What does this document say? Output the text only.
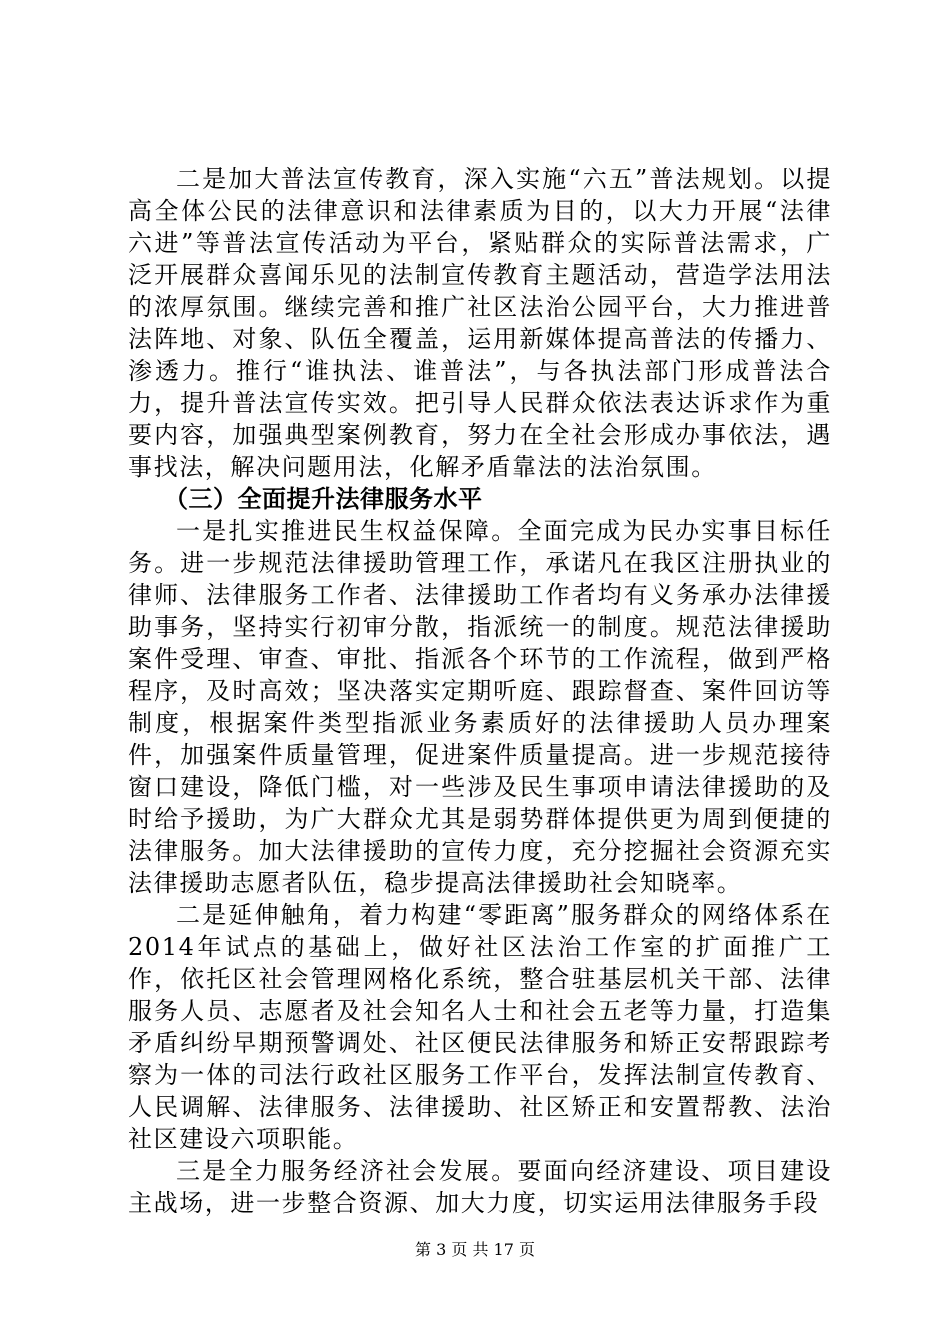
二是加大普法宣传教育，深入实施“六五”普法规划。以提高全体公民的法律意识和法律素质为目的，以大力开展“法律六进”等普法宣传活动为平台，紧贴群众的实际普法需求，广泛开展群众喜闻乐见的法制宣传教育主题活动，营造学法用法的浓厚氛围。继续完善和推广社区法治公园平台，大力推进普法阵地、对象、队伍全覆盖，运用新媒体提高普法的传播力、渗透力。推行“谁执法、谁普法”，与各执法部门形成普法合力，提升普法宣传实效。把引导人民群众依法表达诉求作为重要内容，加强典型案例教育，努力在全社会形成办事依法，遇事找法，解决问题用法，化解矛盾靠法的法治氛围。

（三）全面提升法律服务水平

一是扎实推进民生权益保障。全面完成为民办实事目标任务。进一步规范法律援助管理工作，承诺凡在我区注册执业的律师、法律服务工作者、法律援助工作者均有义务承办法律援助事务，坚持实行初审分散，指派统一的制度。规范法律援助案件受理、审查、审批、指派各个环节的工作流程，做到严格程序，及时高效；坚决落实定期听庭、跟踪督查、案件回访等制度，根据案件类型指派业务素质好的法律援助人员办理案件，加强案件质量管理，促进案件质量提高。进一步规范接待窗口建设，降低门槛，对一些涉及民生事项申请法律援助的及时给予援助，为广大群众尤其是弱势群体提供更为周到便捷的法律服务。加大法律援助的宣传力度，充分挖掘社会资源充实法律援助志愿者队伍，稳步提高法律援助社会知晓率。

二是延伸触角，着力构建“零距离”服务群众的网络体系在2014年试点的基础上，做好社区法治工作室的扩面推广工作，依托区社会管理网格化系统，整合驻基层机关干部、法律服务人员、志愿者及社会知名人士和社会五老等力量，打造集矛盾纠纷早期预警调处、社区便民法律服务和矫正安帮跟踪考察为一体的司法行政社区服务工作平台，发挥法制宣传教育、人民调解、法律服务、法律援助、社区矫正和安置帮教、法治社区建设六项职能。

三是全力服务经济社会发展。要面向经济建设、项目建设主战场，进一步整合资源、加大力度，切实运用法律服务手段

第 3 页 共 17 页
